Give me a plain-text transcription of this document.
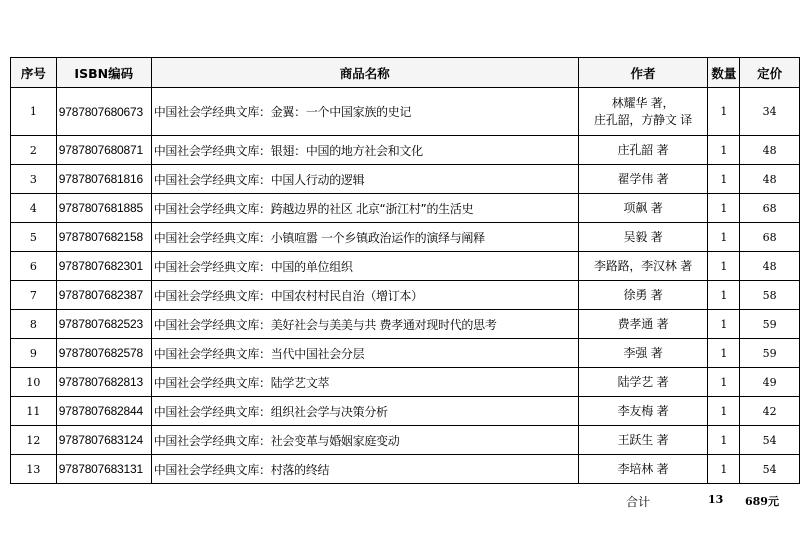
序号	ISBN编码	商品名称	作者	数量	定价
1	9787807680673	中国社会学经典文库：金翼：一个中国家族的史记	林耀华 著，
庄孔韶，方静文 译	1	34
2	9787807680871	中国社会学经典文库：银翅：中国的地方社会和文化	庄孔韶 著	1	48
3	9787807681816	中国社会学经典文库：中国人行动的逻辑	翟学伟 著	1	48
4	9787807681885	中国社会学经典文库：跨越边界的社区 北京“浙江村”的生活史	项飙 著	1	68
5	9787807682158	中国社会学经典文库：小镇喧嚣 一个乡镇政治运作的演绎与阐释	吴毅 著	1	68
6	9787807682301	中国社会学经典文库：中国的单位组织	李路路，李汉林 著	1	48
7	9787807682387	中国社会学经典文库：中国农村村民自治（增订本）	徐勇 著	1	58
8	9787807682523	中国社会学经典文库：美好社会与美美与共 费孝通对现时代的思考	费孝通 著	1	59
9	9787807682578	中国社会学经典文库：当代中国社会分层	李强 著	1	59
10	9787807682813	中国社会学经典文库：陆学艺文萃	陆学艺 著	1	49
11	9787807682844	中国社会学经典文库：组织社会学与决策分析	李友梅 著	1	42
12	9787807683124	中国社会学经典文库：社会变革与婚姻家庭变动	王跃生 著	1	54
13	9787807683131	中国社会学经典文库：村落的终结	李培林 著	1	54
合计	13 689元
